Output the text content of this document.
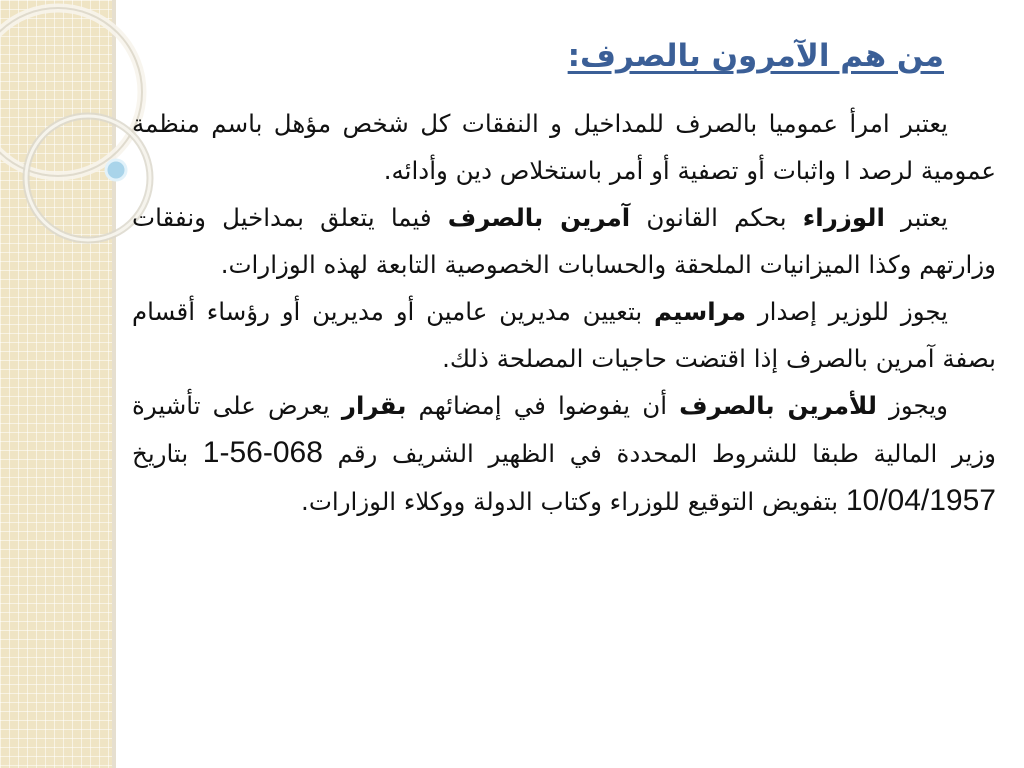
من هم الآمرون بالصرف:

يعتبر امرأ عموميا بالصرف للمداخيل و النفقات كل شخص مؤهل باسم منظمة عمومية لرصد ا واثبات أو تصفية أو أمر باستخلاص دين وأدائه.

يعتبر الوزراء بحكم القانون آمرين بالصرف فيما يتعلق بمداخيل ونفقات وزارتهم وكذا الميزانيات الملحقة والحسابات الخصوصية التابعة لهذه الوزارات.

يجوز للوزير إصدار مراسيم بتعيين مديرين عامين أو مديرين أو رؤساء أقسام بصفة آمرين بالصرف إذا اقتضت حاجيات المصلحة ذلك.

ويجوز للأمرين بالصرف أن يفوضوا في إمضائهم بقرار يعرض على تأشيرة وزير المالية طبقا للشروط المحددة في الظهير الشريف رقم 1-56-068 بتاريخ 10/04/1957 بتفويض التوقيع للوزراء وكتاب الدولة ووكلاء الوزارات.
